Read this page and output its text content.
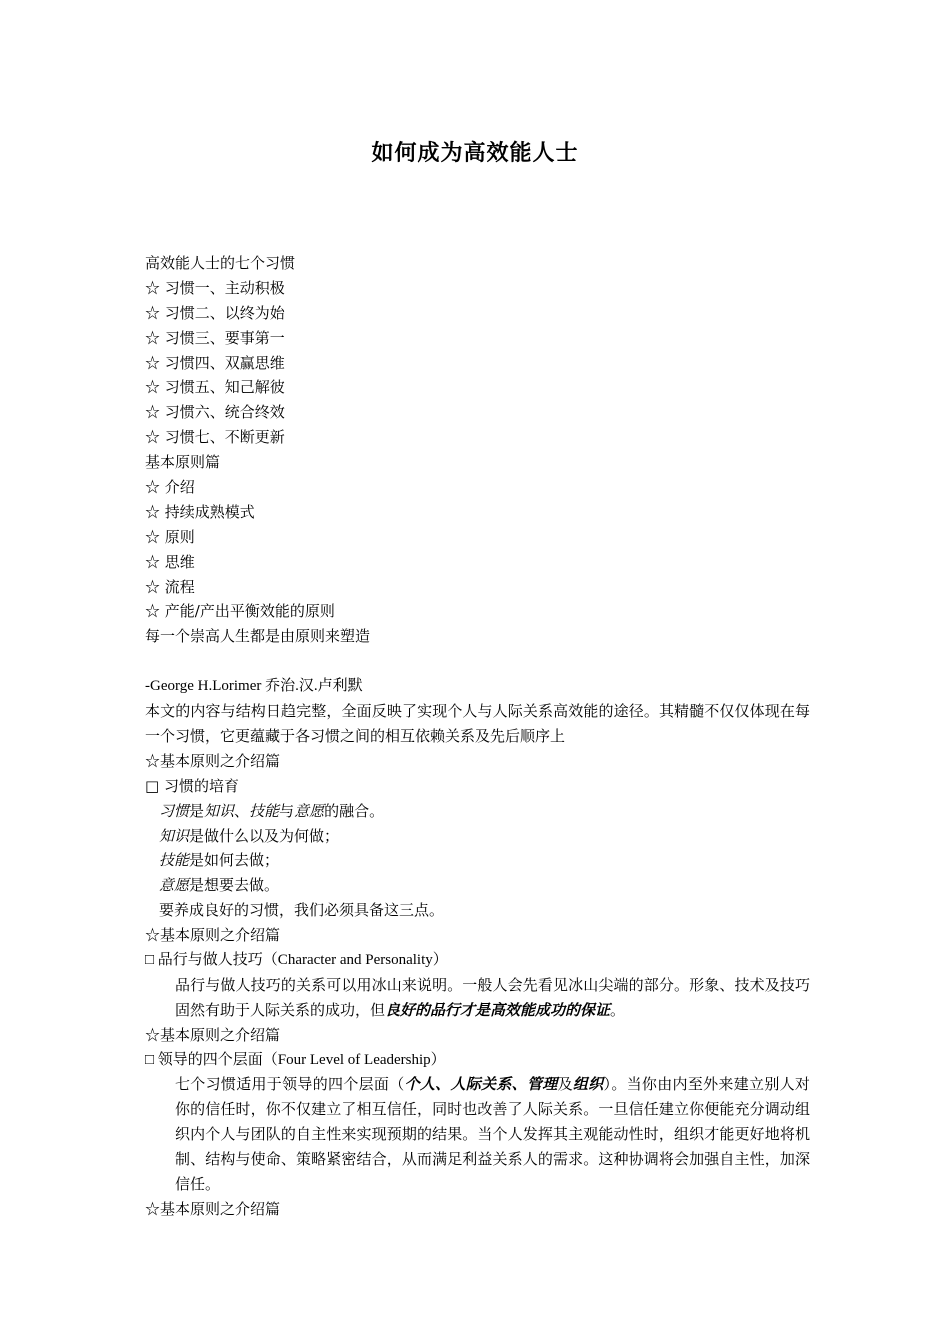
如何成为高效能人士
高效能人士的七个习惯
☆ 习惯一、主动积极
☆ 习惯二、以终为始
☆ 习惯三、要事第一
☆ 习惯四、双赢思维
☆ 习惯五、知己解彼
☆ 习惯六、统合终效
☆ 习惯七、不断更新
基本原则篇
☆ 介绍
☆ 持续成熟模式
☆ 原则
☆ 思维
☆ 流程
☆ 产能/产出平衡效能的原则
每一个崇高人生都是由原则来塑造
-George H.Lorimer 乔治.汉.卢利默
本文的内容与结构日趋完整，全面反映了实现个人与人际关系高效能的途径。其精髓不仅仅体现在每一个习惯，它更蕴藏于各习惯之间的相互依赖关系及先后顺序上
☆基本原则之介绍篇
□ 习惯的培育
习惯是知识、技能与意愿的融合。
知识是做什么以及为何做；
技能是如何去做；
意愿是想要去做。
要养成良好的习惯，我们必须具备这三点。
☆基本原则之介绍篇
□ 品行与做人技巧（Character and Personality）
品行与做人技巧的关系可以用冰山来说明。一般人会先看见冰山尖端的部分。形象、技术及技巧固然有助于人际关系的成功，但良好的品行才是高效能成功的保证。
☆基本原则之介绍篇
□ 领导的四个层面（Four Level of Leadership）
七个习惯适用于领导的四个层面（个人、人际关系、管理及组织）。当你由内至外来建立别人对你的信任时，你不仅建立了相互信任，同时也改善了人际关系。一旦信任建立你便能充分调动组织内个人与团队的自主性来实现预期的结果。当个人发挥其主观能动性时，组织才能更好地将机制、结构与使命、策略紧密结合，从而满足利益关系人的需求。这种协调将会加强自主性，加深信任。
☆基本原则之介绍篇
